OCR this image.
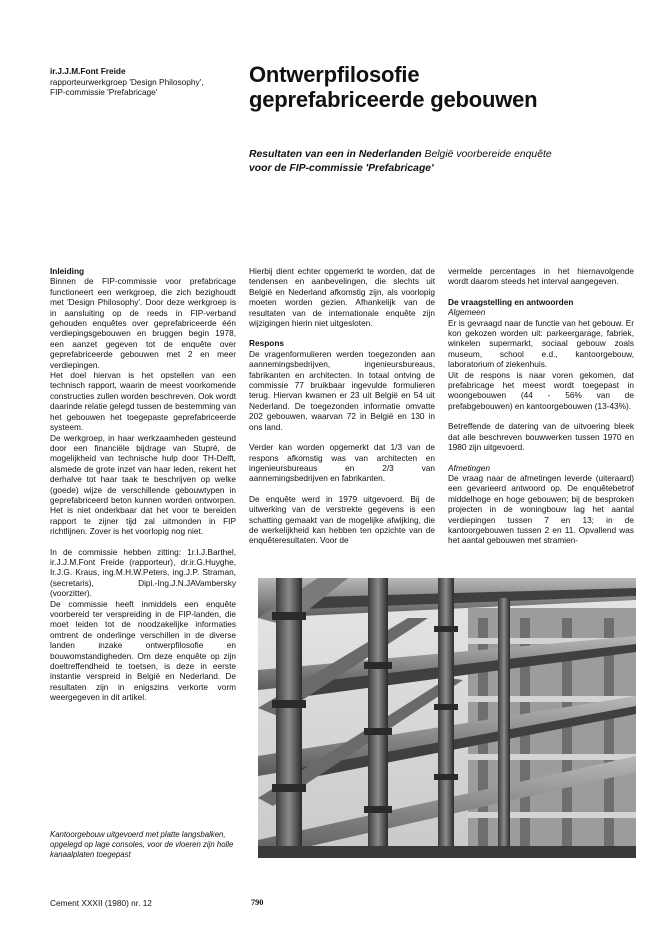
ir.J.J.M.Font Freide
rapporteurwerkgroep 'Design Philosophy',
FIP-commissie 'Prefabricage'
Ontwerpfilosofie
geprefabriceerde gebouwen
Resultaten van een in Nederlanden België voorbereide enquête
voor de FIP-commissie 'Prefabricage'
Inleiding

Binnen de FIP-commissie voor prefabricage functioneert een werkgroep, die zich bezighoudt met 'Design Philosophy'. Door deze werkgroep is in aansluiting op de reeds in FIP-verband gehouden enquêtes over geprefabriceerde één verdiepingsgebouwen en bruggen begin 1978, een aanzet gegeven tot de enquête over geprefabriceerde gebouwen met 2 en meer verdiepingen.

Het doel hiervan is het opstellen van een technisch rapport, waarin de meest voorkomende constructies zullen worden beschreven. Ook wordt daarinde relatie gelegd tussen de bestemming van het gebouwen het toegepaste geprefabriceerde systeem.

De werkgroep, in haar werkzaamheden gesteund door een financiële bijdrage van Stupré, de mogelijkheid van technische hulp door TH-Delft, alsmede de grote inzet van haar leden, rekent het derhalve tot haar taak te beschrijven op welke (goede) wijze de verschillende gebouwtypen in geprefabriceerd beton kunnen worden ontworpen. Het is niet onderkbaar dat het voor te bereiden rapport te zijner tijd zal uitmonden in FIP richtlijnen. Zover is het voorlopig nog niet.

In de commissie hebben zitting: 1r.I.J.Barthel, ir.J.J.M.Font Freide (rapporteur), dr.ir.G.Huyghe, Ir.J.G. Kraus, ing.M.H.W.Peters, ing.J.P. Straman, (secretaris), Dipl.-Ing.J.N.JAVambersky (voorzitter).

De commissie heeft inmiddels een enquête voorbereid ter verspreiding in de FIP-landen, die moet leiden tot de noodzakelijke informaties omtrent de onderlinge verschillen in de diverse landen inzake ontwerpfilosofie en bouwomstandigheden. Om deze enquête op zijn doeltreffendheid te toetsen, is deze in eerste instantie verspreid in België en Nederland. De resultaten zijn in enigszins verkorte vorm weergegeven in dit artikel.

Hierbij dient echter opgemerkt te worden, dat de tendensen en aanbevelingen, die slechts uit België en Nederland afkomstig zijn, als voorlopig moeten worden gezien. Afhankelijk van de resultaten van de internationale enquête zijn wijzigingen hierin niet uitgesloten.

Respons

De vragenformulieren werden toegezonden aan aannemingsbedrijven, ingenieursbureaus, fabrikanten en architecten. In totaal ontving de commissie 77 bruikbaar ingevulde formulieren terug. Hiervan kwamen er 23 uit België en 54 uit Nederland. De toegezonden informatie omvatte 202 gebouwen, waarvan 72 in België en 130 in ons land.

Verder kan worden opgemerkt dat 1/3 van de respons afkomstig was van architecten en ingenieursbureaus en 2/3 van aannemingsbedrijven en fabrikanten.

De enquête werd in 1979 uitgevoerd. Bij de uitwerking van de verstrekte gegevens is een schatting gemaakt van de mogelijke afwijking, die de werkelijkheid kan hebben ten opzichte van de enquêteresultaten. Voor de

vermelde percentages in het hiernavolgende wordt daarom steeds het interval aangegeven.

De vraagstelling en antwoorden
Algemeen

Er is gevraagd naar de functie van het gebouw. Er kon gekozen worden uit: parkeergarage, fabriek, winkelen supermarkt, sociaal gebouw zoals museum, school e.d., kantoorgebouw, laboratorium of ziekenhuis.

Uit de respons is naar voren gekomen, dat prefabricage het meest wordt toegepast in woongebouwen (44 - 56% van de prefabgebouwen) en kantoorgebouwen (13-43%).

Betreffende de datering van de uitvoering bleek dat alle beschreven bouwwerken tussen 1970 en 1980 zijn uitgevoerd.

Afmetingen

De vraag naar de afmetingen leverde (uiteraard) een gevarieerd antwoord op. De enquêtebetrof middelhoge en hoge gebouwen; bij de besproken projecten in de woningbouw lag het aantal verdiepingen tussen 7 en 13; in de kantoorgebouwen tussen 2 en 11. Opvallend was het aantal gebouwen met stramien-

Kantoorgebouw uitgevoerd met platte langsbalken, opgelegd op lage consoles, voor de vloeren zijn holle kanaalplaten toegepast
Cement XXXII (1980) nr. 12	790
